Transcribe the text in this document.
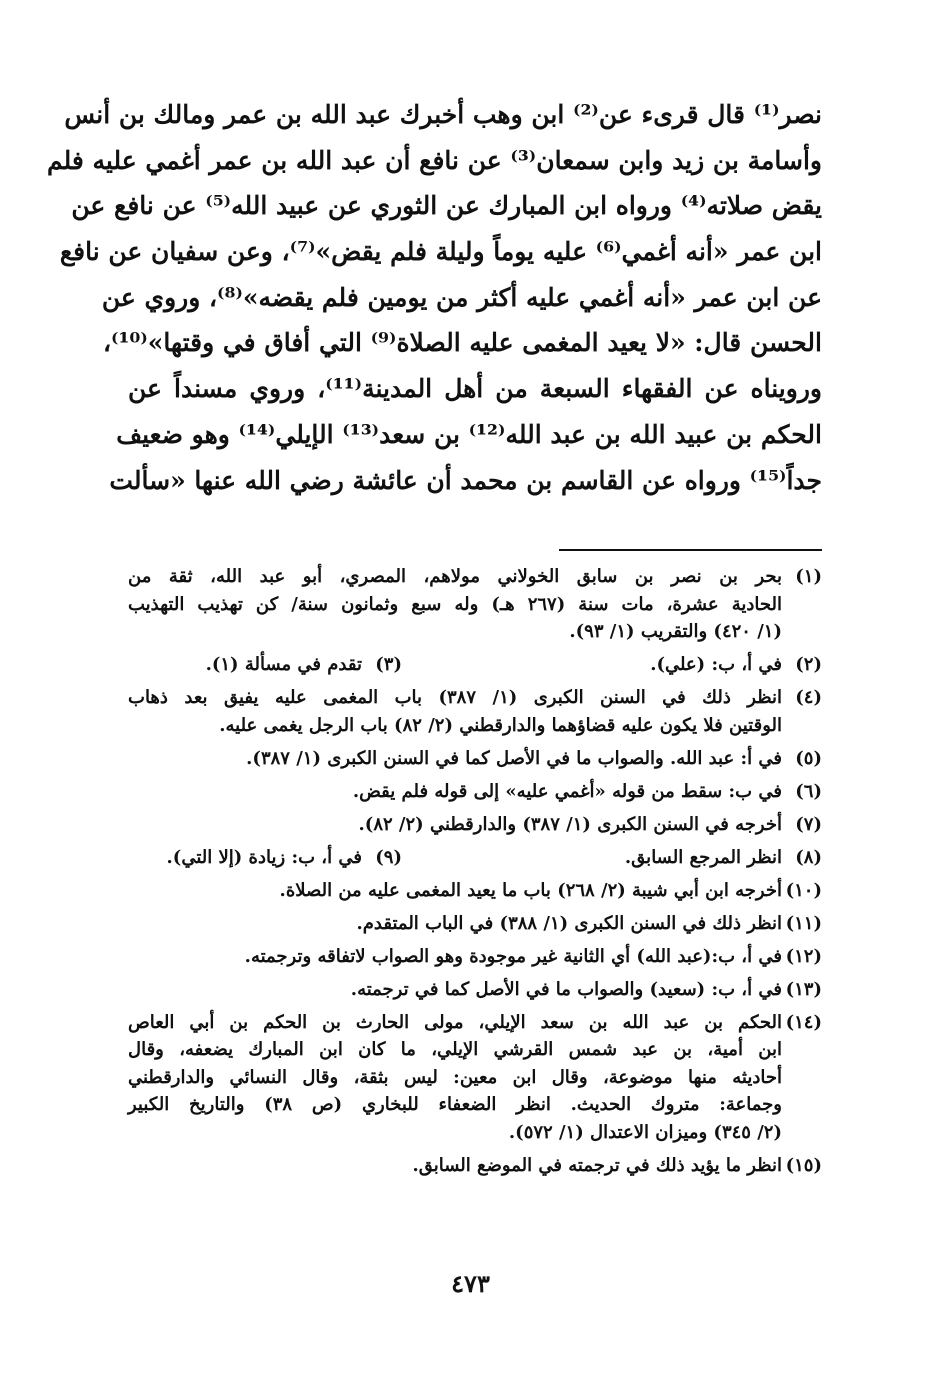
نصر⁽¹⁾ قال قرىء عن⁽²⁾ ابن وهب أخبرك عبد الله بن عمر ومالك بن أنس
وأسامة بن زيد وابن سمعان⁽³⁾ عن نافع أن عبد الله بن عمر أغمي عليه فلم
يقض صلاته⁽⁴⁾ ورواه ابن المبارك عن الثوري عن عبيد الله⁽⁵⁾ عن نافع عن
ابن عمر «أنه أغمي⁽⁶⁾ عليه يوماً وليلة فلم يقض»⁽⁷⁾، وعن سفيان عن نافع
عن ابن عمر «أنه أغمي عليه أكثر من يومين فلم يقضه»⁽⁸⁾، وروي عن
الحسن قال: «لا يعيد المغمى عليه الصلاة⁽⁹⁾ التي أفاق في وقتها»⁽¹⁰⁾،
ورويناه عن الفقهاء السبعة من أهل المدينة⁽¹¹⁾، وروي مسنداً عن
الحكم بن عبيد الله بن عبد الله⁽¹²⁾ بن سعد⁽¹³⁾ الإيلي⁽¹⁴⁾ وهو ضعيف
جداً⁽¹⁵⁾ ورواه عن القاسم بن محمد أن عائشة رضي الله عنها «سألت
(١)
بحر بن نصر بن سابق الخولاني مولاهم، المصري، أبو عبد الله، ثقة من
الحادية عشرة، مات سنة (٢٦٧ هـ) وله سبع وثمانون سنة/ كن تهذيب التهذيب
(١/ ٤٢٠) والتقريب (١/ ٩٣).
(٢)
في أ، ب: (علي).
(٣)
تقدم في مسألة (١).
(٤)
انظر ذلك في السنن الكبرى (١/ ٣٨٧) باب المغمى عليه يفيق بعد ذهاب
الوقتين فلا يكون عليه قضاؤهما والدارقطني (٢/ ٨٢) باب الرجل يغمى عليه.
(٥)
في أ: عبد الله. والصواب ما في الأصل كما في السنن الكبرى (١/ ٣٨٧).
(٦)
في ب: سقط من قوله «أغمي عليه» إلى قوله فلم يقض.
(٧)
أخرجه في السنن الكبرى (١/ ٣٨٧) والدارقطني (٢/ ٨٢).
(٨)
انظر المرجع السابق.
(٩)
في أ، ب: زيادة (إلا التي).
(١٠)
أخرجه ابن أبي شيبة (٢/ ٢٦٨) باب ما يعيد المغمى عليه من الصلاة.
(١١)
انظر ذلك في السنن الكبرى (١/ ٣٨٨) في الباب المتقدم.
(١٢)
في أ، ب:(عبد الله) أي الثانية غير موجودة وهو الصواب لاتفاقه وترجمته.
(١٣)
في أ، ب: (سعيد) والصواب ما في الأصل كما في ترجمته.
(١٤)
الحكم بن عبد الله بن سعد الإيلي، مولى الحارث بن الحكم بن أبي العاص
ابن أمية، بن عبد شمس القرشي الإيلي، ما كان ابن المبارك يضعفه، وقال
أحاديثه منها موضوعة، وقال ابن معين: ليس بثقة، وقال النسائي والدارقطني
وجماعة: متروك الحديث. انظر الضعفاء للبخاري (ص ٣٨) والتاريخ الكبير
(٢/ ٣٤٥) وميزان الاعتدال (١/ ٥٧٢).
(١٥)
انظر ما يؤيد ذلك في ترجمته في الموضع السابق.
٤٧٣
